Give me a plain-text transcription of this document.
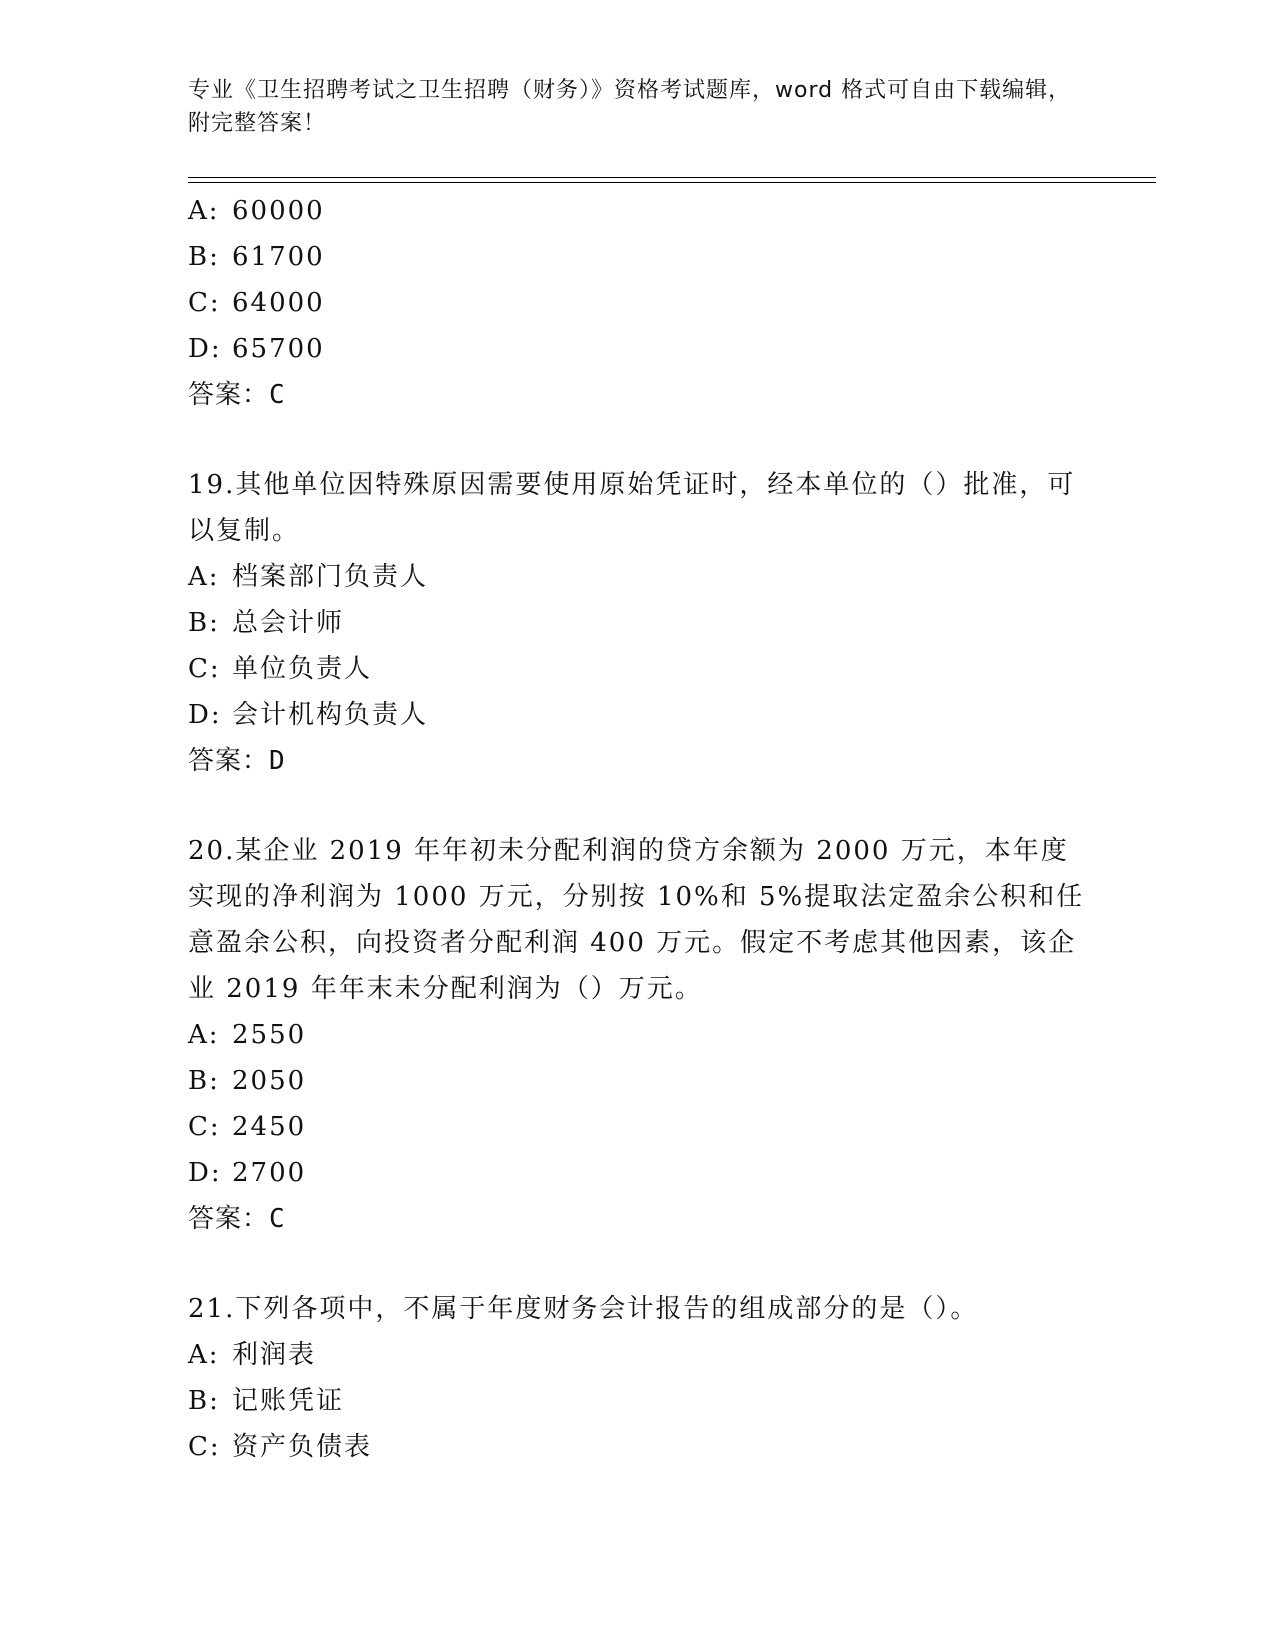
专业《卫生招聘考试之卫生招聘（财务）》资格考试题库，word 格式可自由下载编辑，附完整答案！
A: 60000
B: 61700
C: 64000
D: 65700
答案：C
19.其他单位因特殊原因需要使用原始凭证时，经本单位的（）批准，可以复制。
A: 档案部门负责人
B: 总会计师
C: 单位负责人
D: 会计机构负责人
答案：D
20.某企业 2019 年年初未分配利润的贷方余额为 2000 万元，本年度实现的净利润为 1000 万元，分别按 10%和 5%提取法定盈余公积和任意盈余公积，向投资者分配利润 400 万元。假定不考虑其他因素，该企业 2019 年年末未分配利润为（）万元。
A: 2550
B: 2050
C: 2450
D: 2700
答案：C
21.下列各项中，不属于年度财务会计报告的组成部分的是（）。
A: 利润表
B: 记账凭证
C: 资产负债表
